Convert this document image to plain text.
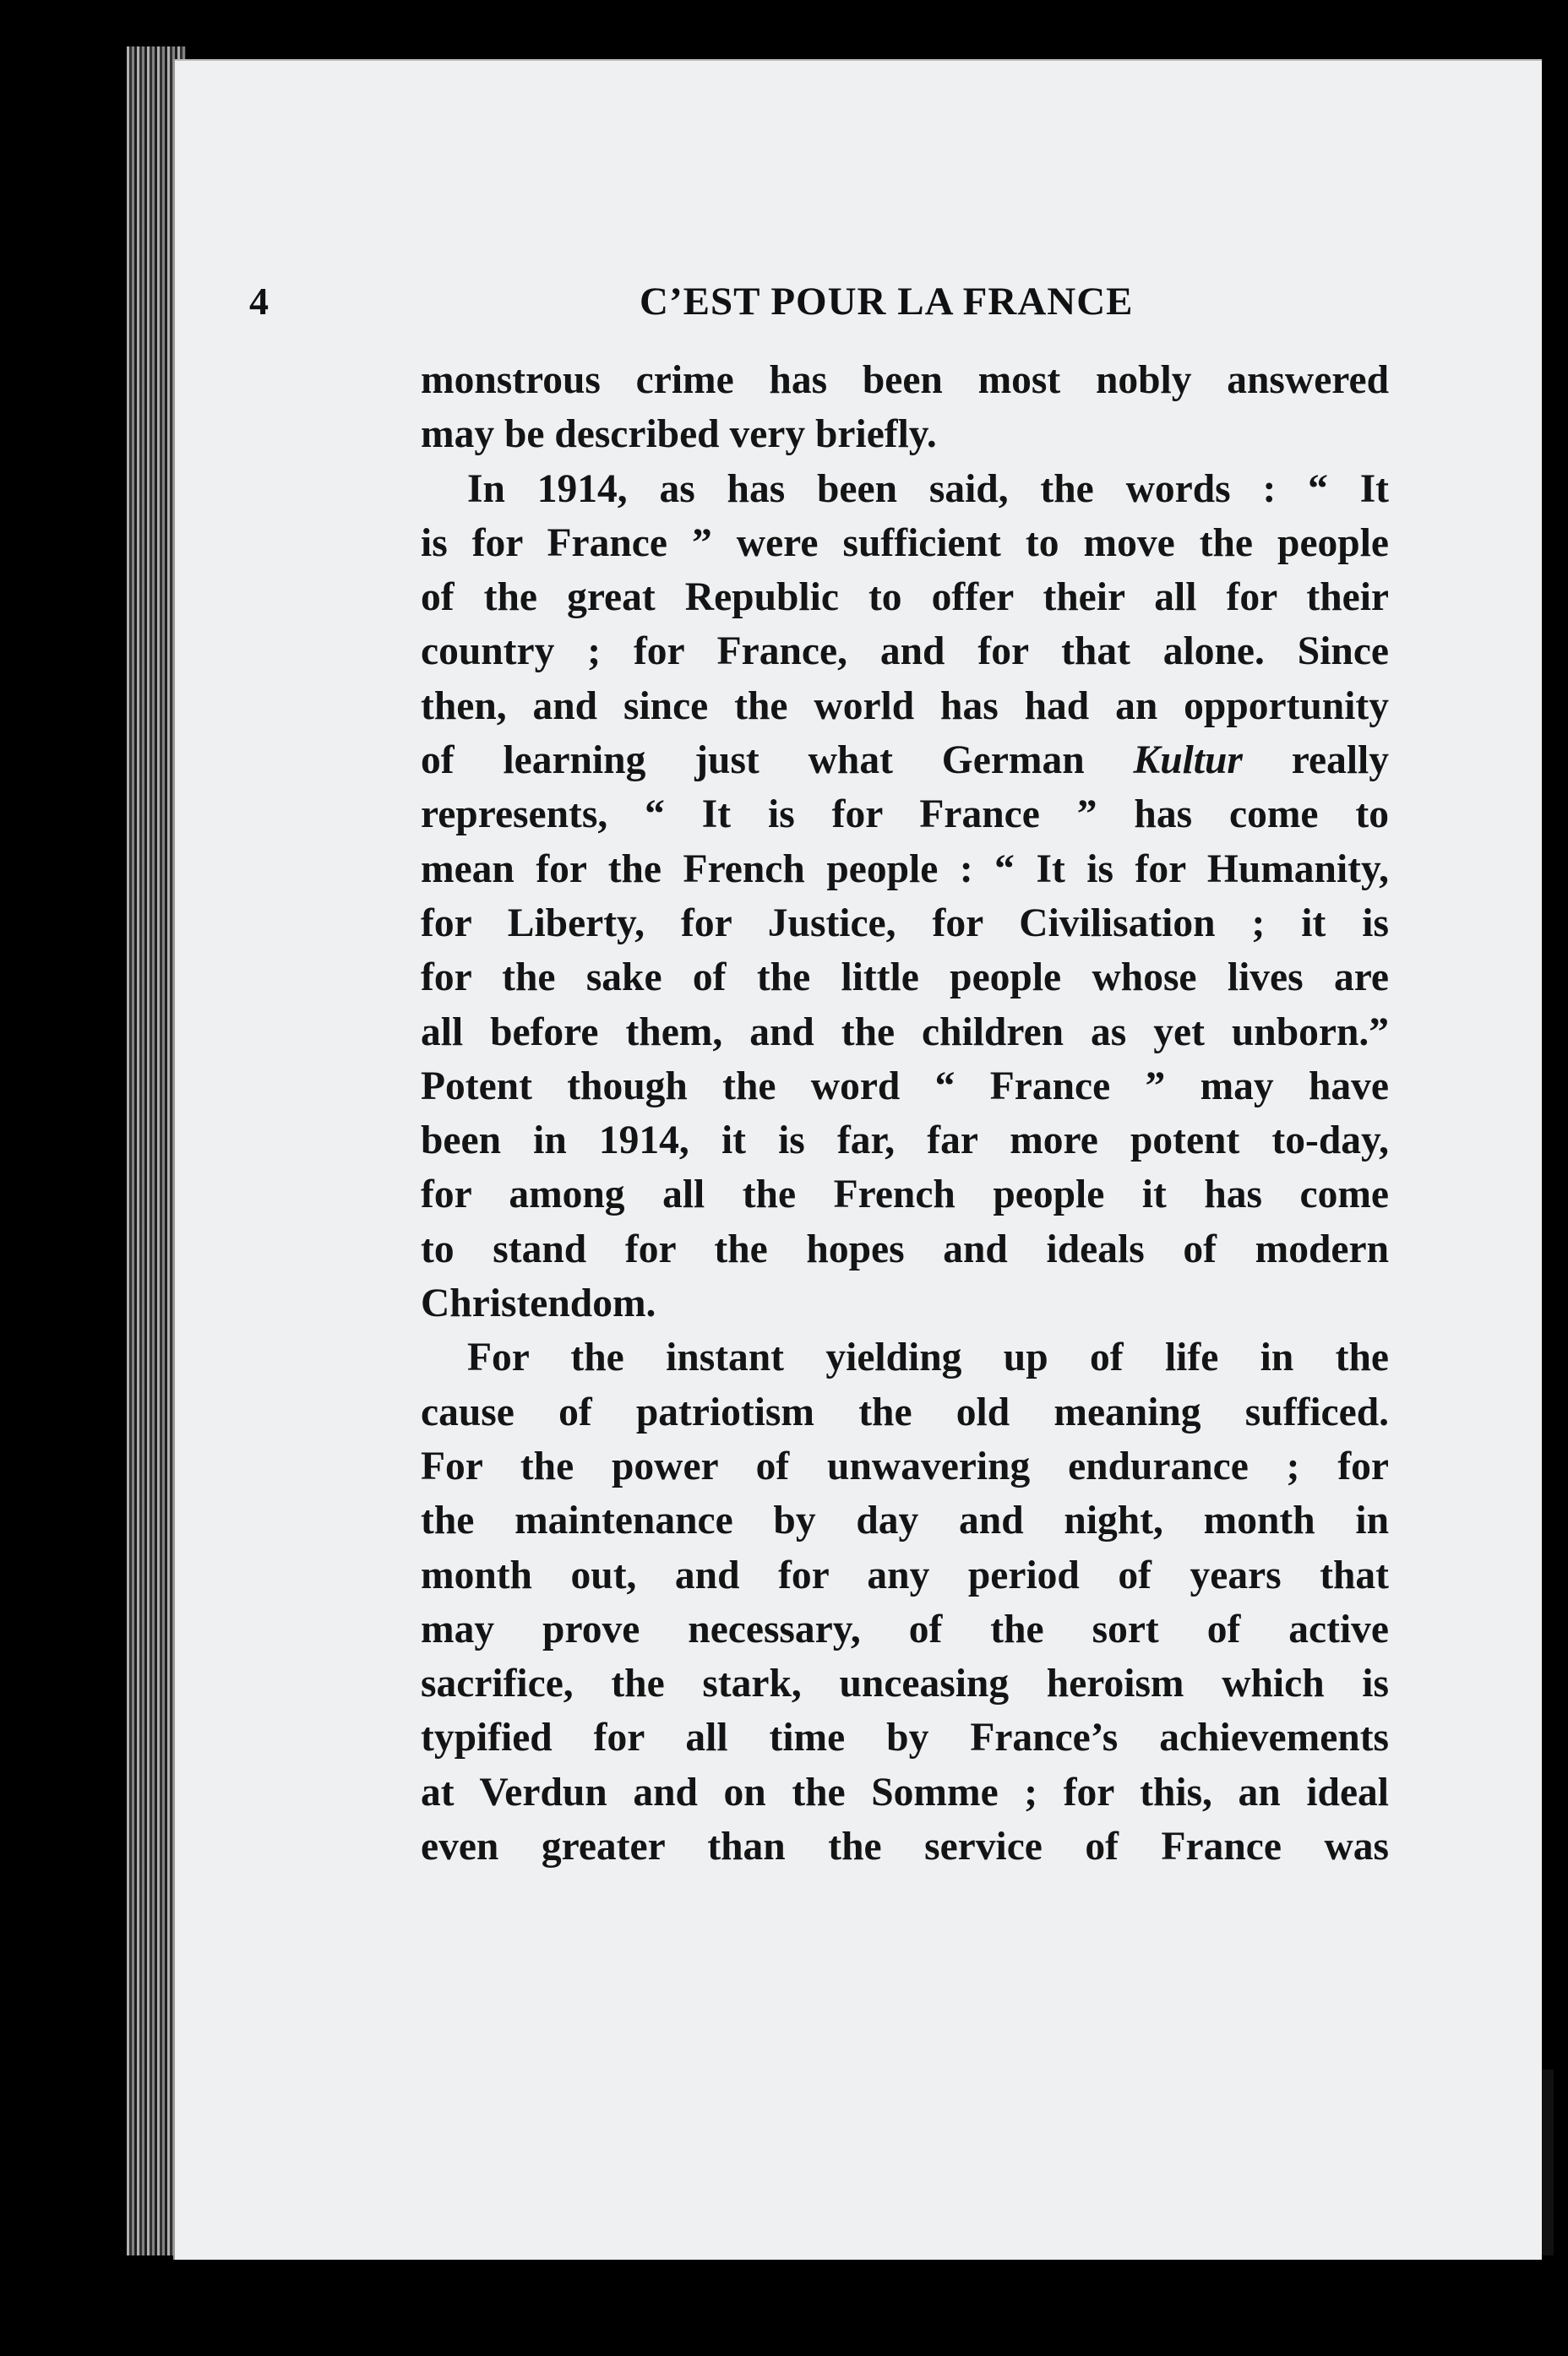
4	C’EST POUR LA FRANCE
monstrous crime has been most nobly answered
may be described very briefly.
In 1914, as has been said, the words : “ It
is for France ” were sufficient to move the people
of the great Republic to offer their all for their
country ; for France, and for that alone. Since
then, and since the world has had an opportunity
of learning just what German Kultur really
represents, “ It is for France ” has come to
mean for the French people : “ It is for Humanity,
for Liberty, for Justice, for Civilisation ; it is
for the sake of the little people whose lives are
all before them, and the children as yet unborn.”
Potent though the word “ France ” may have
been in 1914, it is far, far more potent to-day,
for among all the French people it has come
to stand for the hopes and ideals of modern
Christendom.
For the instant yielding up of life in the
cause of patriotism the old meaning sufficed.
For the power of unwavering endurance ; for
the maintenance by day and night, month in
month out, and for any period of years that
may prove necessary, of the sort of active
sacrifice, the stark, unceasing heroism which is
typified for all time by France’s achievements
at Verdun and on the Somme ; for this, an ideal
even greater than the service of France was
